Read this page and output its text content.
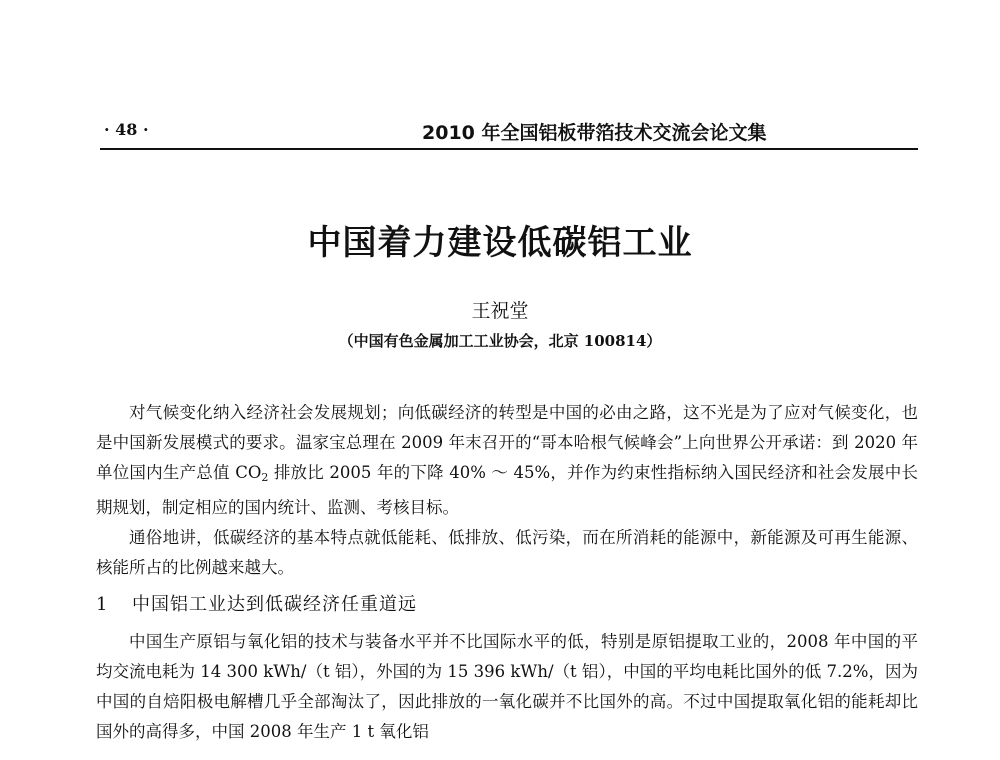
· 48 ·	2010 年全国铝板带箔技术交流会论文集
中国着力建设低碳铝工业
王祝堂
（中国有色金属加工工业协会，北京 100814）

对气候变化纳入经济社会发展规划；向低碳经济的转型是中国的必由之路，这不光是为了应对气候变化，也是中国新发展模式的要求。温家宝总理在 2009 年末召开的“哥本哈根气候峰会”上向世界公开承诺：到 2020 年单位国内生产总值 CO2 排放比 2005 年的下降 40% ～ 45%，并作为约束性指标纳入国民经济和社会发展中长期规划，制定相应的国内统计、监测、考核目标。

通俗地讲，低碳经济的基本特点就低能耗、低排放、低污染，而在所消耗的能源中，新能源及可再生能源、核能所占的比例越来越大。

1 中国铝工业达到低碳经济任重道远

中国生产原铝与氧化铝的技术与装备水平并不比国际水平的低，特别是原铝提取工业的，2008 年中国的平均交流电耗为 14 300 kWh/（t 铝），外国的为 15 396 kWh/（t 铝），中国的平均电耗比国外的低 7.2%，因为中国的自焙阳极电解槽几乎全部淘汰了，因此排放的一氧化碳并不比国外的高。不过中国提取氧化铝的能耗却比国外的高得多，中国 2008 年生产 1 t 氧化铝
